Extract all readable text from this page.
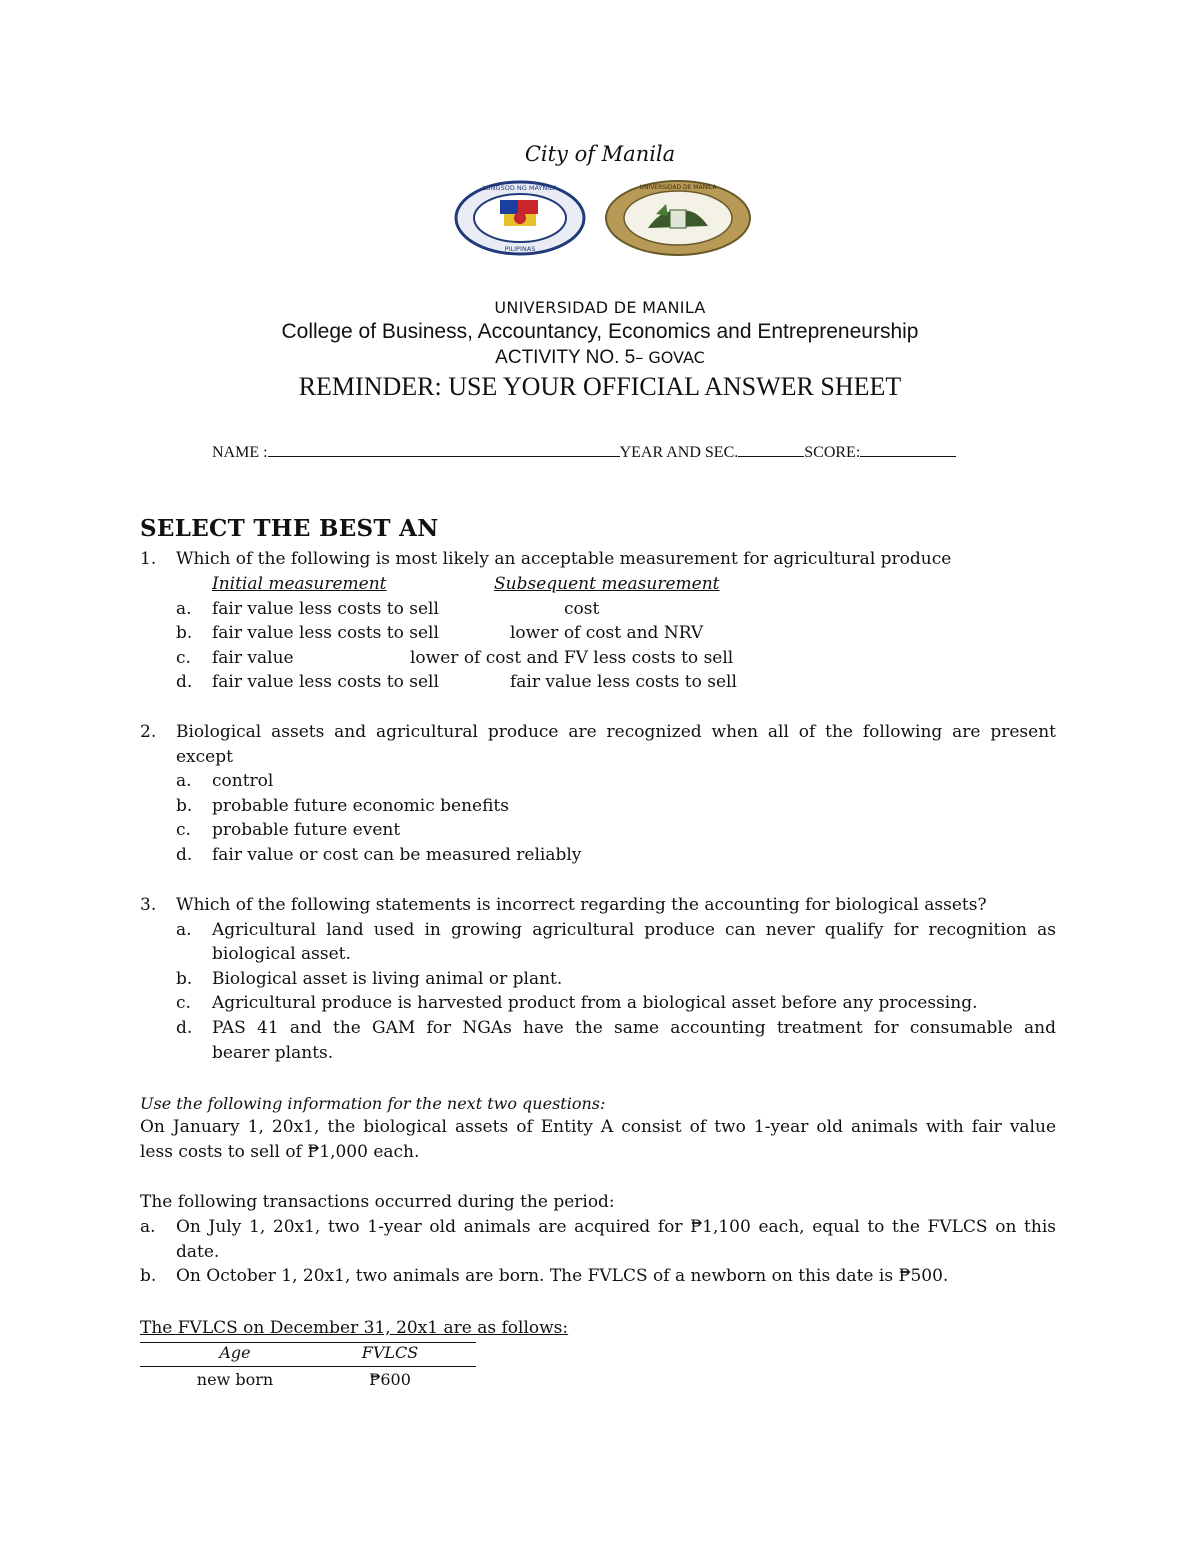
City of Manila
LUNGSOD NG MAYNILA
PILIPINAS
UNIVERSIDAD DE MANILA
UNIVERSIDAD DE MANILA
College of Business, Accountancy, Economics and Entrepreneurship
ACTIVITY NO. 5– GOVAC
REMINDER: USE YOUR OFFICIAL ANSWER SHEET
NAME :	YEAR AND SEC.	SCORE:
SELECT THE BEST AN
1. Which of the following is most likely an acceptable measurement for agricultural produce
Initial measurement	Subsequent measurement
a. fair value less costs to sell	cost
b. fair value less costs to sell	lower of cost and NRV
c. fair value	lower of cost and FV less costs to sell
d. fair value less costs to sell	fair value less costs to sell
2. Biological assets and agricultural produce are recognized when all of the following are present
except
a. control
b. probable future economic benefits
c. probable future event
d. fair value or cost can be measured reliably
3. Which of the following statements is incorrect regarding the accounting for biological assets?
a. Agricultural land used in growing agricultural produce can never qualify for recognition as
biological asset.
b. Biological asset is living animal or plant.
c. Agricultural produce is harvested product from a biological asset before any processing.
d. PAS 41 and the GAM for NGAs have the same accounting treatment for consumable and
bearer plants.
Use the following information for the next two questions:
On January 1, 20x1, the biological assets of Entity A consist of two 1-year old animals with fair value
less costs to sell of ₱1,000 each.
The following transactions occurred during the period:
a. On July 1, 20x1, two 1-year old animals are acquired for ₱1,100 each, equal to the FVLCS on this
date.
b. On October 1, 20x1, two animals are born. The FVLCS of a newborn on this date is ₱500.
The FVLCS on December 31, 20x1 are as follows:
Age	FVLCS
new born	₱600
